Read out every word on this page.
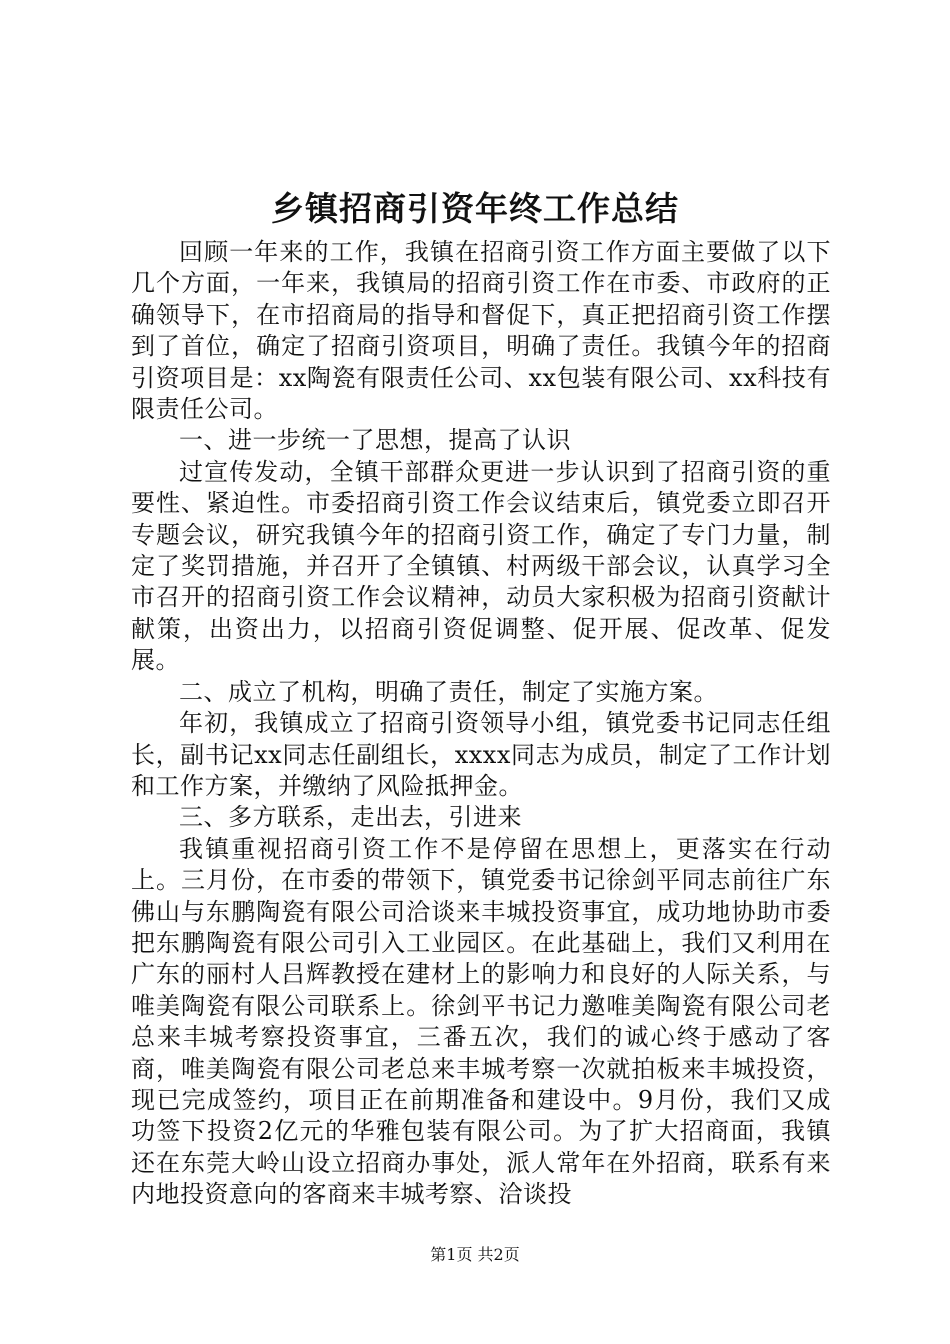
乡镇招商引资年终工作总结

回顾一年来的工作，我镇在招商引资工作方面主要做了以下几个方面，一年来，我镇局的招商引资工作在市委、市政府的正确领导下，在市招商局的指导和督促下，真正把招商引资工作摆到了首位，确定了招商引资项目，明确了责任。我镇今年的招商引资项目是：xx陶瓷有限责任公司、xx包装有限公司、xx科技有限责任公司。

一、进一步统一了思想，提高了认识

过宣传发动，全镇干部群众更进一步认识到了招商引资的重要性、紧迫性。市委招商引资工作会议结束后，镇党委立即召开专题会议，研究我镇今年的招商引资工作，确定了专门力量，制定了奖罚措施，并召开了全镇镇、村两级干部会议，认真学习全市召开的招商引资工作会议精神，动员大家积极为招商引资献计献策，出资出力，以招商引资促调整、促开展、促改革、促发展。

二、成立了机构，明确了责任，制定了实施方案。

年初，我镇成立了招商引资领导小组，镇党委书记同志任组长，副书记xx同志任副组长，xxxx同志为成员，制定了工作计划和工作方案，并缴纳了风险抵押金。

三、多方联系，走出去，引进来

我镇重视招商引资工作不是停留在思想上，更落实在行动上。三月份，在市委的带领下，镇党委书记徐剑平同志前往广东佛山与东鹏陶瓷有限公司洽谈来丰城投资事宜，成功地协助市委把东鹏陶瓷有限公司引入工业园区。在此基础上，我们又利用在广东的丽村人吕辉教授在建材上的影响力和良好的人际关系，与唯美陶瓷有限公司联系上。徐剑平书记力邀唯美陶瓷有限公司老总来丰城考察投资事宜，三番五次，我们的诚心终于感动了客商，唯美陶瓷有限公司老总来丰城考察一次就拍板来丰城投资，现已完成签约，项目正在前期准备和建设中。9月份，我们又成功签下投资2亿元的华雅包装有限公司。为了扩大招商面，我镇还在东莞大岭山设立招商办事处，派人常年在外招商，联系有来内地投资意向的客商来丰城考察、洽谈投

第1页 共2页
